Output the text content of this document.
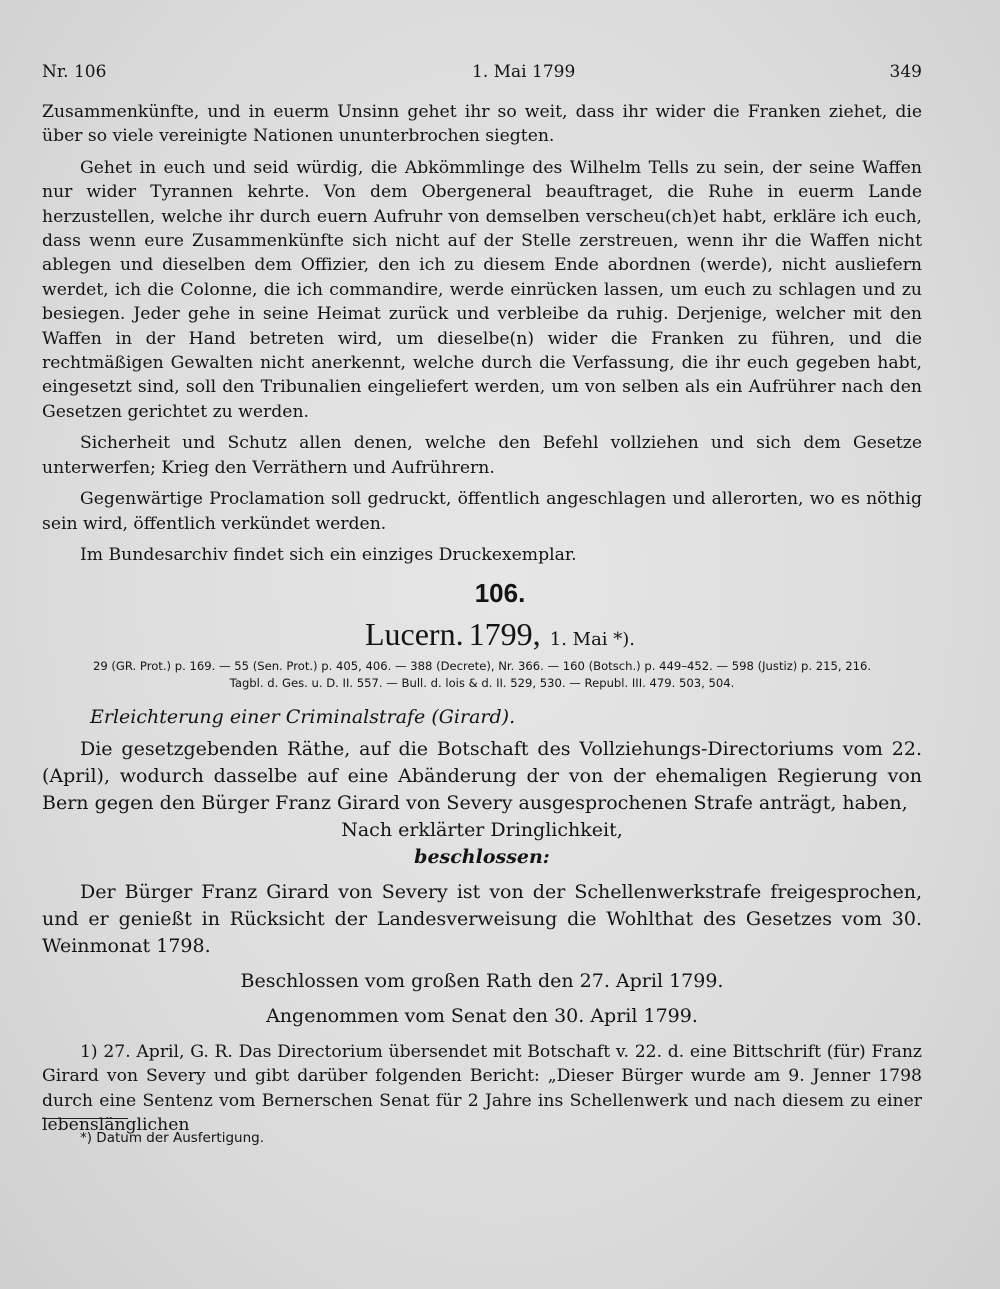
Nr. 106	1. Mai 1799	349

Zusammenkünfte, und in euerm Unsinn gehet ihr so weit, dass ihr wider die Franken ziehet, die über so viele vereinigte Nationen ununterbrochen siegten.

Gehet in euch und seid würdig, die Abkömmlinge des Wilhelm Tells zu sein, der seine Waffen nur wider Tyrannen kehrte. Von dem Obergeneral beauftraget, die Ruhe in euerm Lande herzustellen, welche ihr durch euern Aufruhr von demselben verscheu(ch)et habt, erkläre ich euch, dass wenn eure Zusammenkünfte sich nicht auf der Stelle zerstreuen, wenn ihr die Waffen nicht ablegen und dieselben dem Offizier, den ich zu diesem Ende abordnen (werde), nicht ausliefern werdet, ich die Colonne, die ich commandire, werde einrücken lassen, um euch zu schlagen und zu besiegen. Jeder gehe in seine Heimat zurück und verbleibe da ruhig. Derjenige, welcher mit den Waffen in der Hand betreten wird, um dieselbe(n) wider die Franken zu führen, und die rechtmäßigen Gewalten nicht anerkennt, welche durch die Verfassung, die ihr euch gegeben habt, eingesetzt sind, soll den Tribunalien eingeliefert werden, um von selben als ein Aufrührer nach den Gesetzen gerichtet zu werden.

Sicherheit und Schutz allen denen, welche den Befehl vollziehen und sich dem Gesetze unterwerfen; Krieg den Verräthern und Aufrührern.

Gegenwärtige Proclamation soll gedruckt, öffentlich angeschlagen und allerorten, wo es nöthig sein wird, öffentlich verkündet werden.

Im Bundesarchiv findet sich ein einziges Druckexemplar.

106.
Lucern. 1799, 1. Mai *).
29 (GR. Prot.) p. 169. — 55 (Sen. Prot.) p. 405, 406. — 388 (Decrete), Nr. 366. — 160 (Botsch.) p. 449–452. — 598 (Justiz) p. 215, 216.
Tagbl. d. Ges. u. D. II. 557. — Bull. d. lois & d. II. 529, 530. — Republ. III. 479. 503, 504.
Erleichterung einer Criminalstrafe (Girard).

Die gesetzgebenden Räthe, auf die Botschaft des Vollziehungs-Directoriums vom 22. (April), wodurch dasselbe auf eine Abänderung der von der ehemaligen Regierung von Bern gegen den Bürger Franz Girard von Severy ausgesprochenen Strafe anträgt, haben,

Nach erklärter Dringlichkeit,

beschlossen:

Der Bürger Franz Girard von Severy ist von der Schellenwerkstrafe freigesprochen, und er genießt in Rücksicht der Landesverweisung die Wohlthat des Gesetzes vom 30. Weinmonat 1798.

Beschlossen vom großen Rath den 27. April 1799.

Angenommen vom Senat den 30. April 1799.

1) 27. April, G. R. Das Directorium übersendet mit Botschaft v. 22. d. eine Bittschrift (für) Franz Girard von Severy und gibt darüber folgenden Bericht: „Dieser Bürger wurde am 9. Jenner 1798 durch eine Sentenz vom Bernerschen Senat für 2 Jahre ins Schellenwerk und nach diesem zu einer lebenslänglichen

*) Datum der Ausfertigung.
